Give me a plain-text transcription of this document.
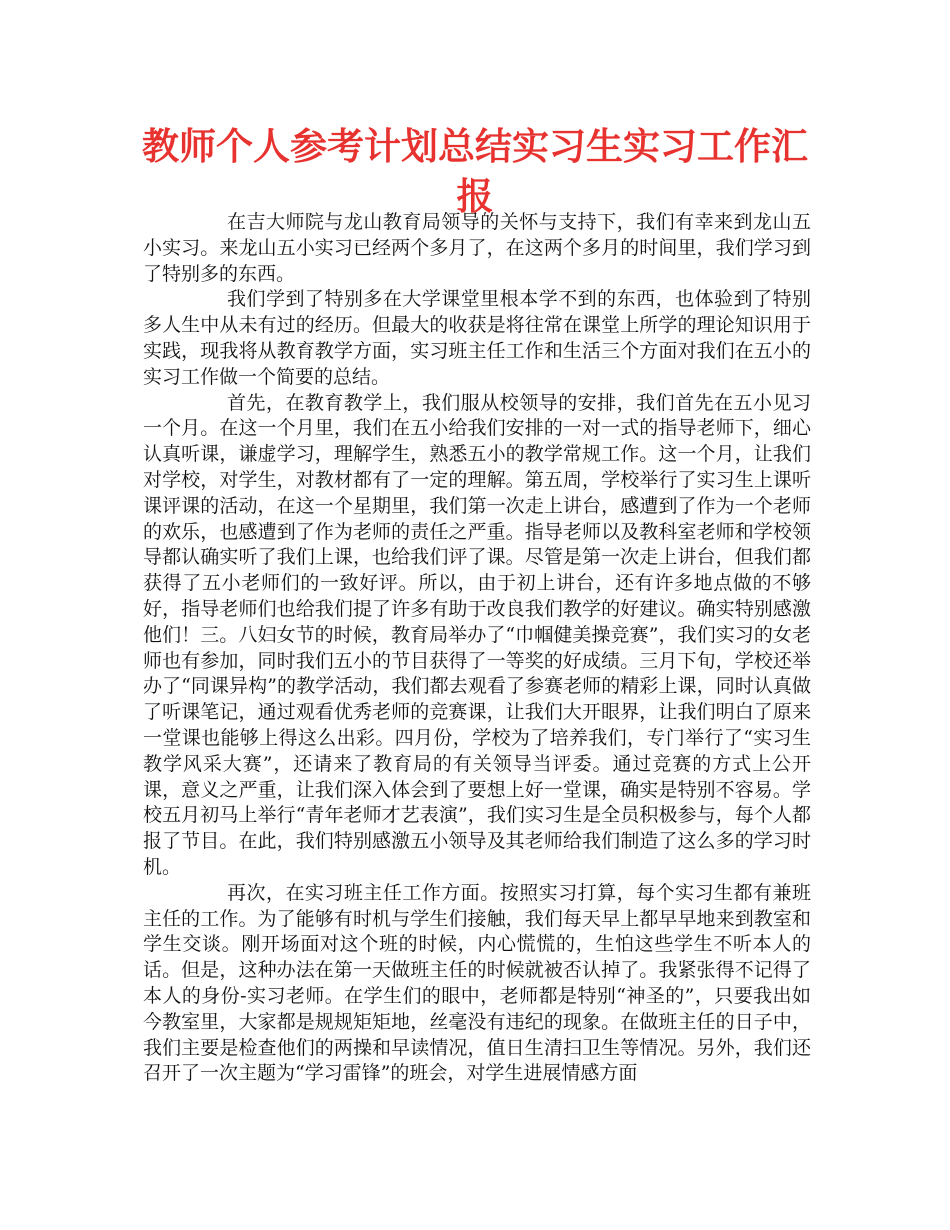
教师个人参考计划总结实习生实习工作汇报

在吉大师院与龙山教育局领导的关怀与支持下，我们有幸来到龙山五小实习。来龙山五小实习已经两个多月了，在这两个多月的时间里，我们学习到了特别多的东西。

我们学到了特别多在大学课堂里根本学不到的东西，也体验到了特别多人生中从未有过的经历。但最大的收获是将往常在课堂上所学的理论知识用于实践，现我将从教育教学方面，实习班主任工作和生活三个方面对我们在五小的实习工作做一个简要的总结。

首先，在教育教学上，我们服从校领导的安排，我们首先在五小见习一个月。在这一个月里，我们在五小给我们安排的一对一式的指导老师下，细心认真听课，谦虚学习，理解学生，熟悉五小的教学常规工作。这一个月，让我们对学校，对学生，对教材都有了一定的理解。第五周，学校举行了实习生上课听课评课的活动，在这一个星期里，我们第一次走上讲台，感遭到了作为一个老师的欢乐，也感遭到了作为老师的责任之严重。指导老师以及教科室老师和学校领导都认确实听了我们上课，也给我们评了课。尽管是第一次走上讲台，但我们都获得了五小老师们的一致好评。所以，由于初上讲台，还有许多地点做的不够好，指导老师们也给我们提了许多有助于改良我们教学的好建议。确实特别感激他们！三。八妇女节的时候，教育局举办了“巾帼健美操竞赛”，我们实习的女老师也有参加，同时我们五小的节目获得了一等奖的好成绩。三月下旬，学校还举办了“同课异构”的教学活动，我们都去观看了参赛老师的精彩上课，同时认真做了听课笔记，通过观看优秀老师的竞赛课，让我们大开眼界，让我们明白了原来一堂课也能够上得这么出彩。四月份，学校为了培养我们，专门举行了“实习生教学风采大赛”，还请来了教育局的有关领导当评委。通过竞赛的方式上公开课，意义之严重，让我们深入体会到了要想上好一堂课，确实是特别不容易。学校五月初马上举行“青年老师才艺表演”，我们实习生是全员积极参与，每个人都报了节目。在此，我们特别感激五小领导及其老师给我们制造了这么多的学习时机。

再次，在实习班主任工作方面。按照实习打算，每个实习生都有兼班主任的工作。为了能够有时机与学生们接触，我们每天早上都早早地来到教室和学生交谈。刚开场面对这个班的时候，内心慌慌的，生怕这些学生不听本人的话。但是，这种办法在第一天做班主任的时候就被否认掉了。我紧张得不记得了本人的身份-实习老师。在学生们的眼中，老师都是特别“神圣的”，只要我出如今教室里，大家都是规规矩矩地，丝毫没有违纪的现象。在做班主任的日子中，我们主要是检查他们的两操和早读情况，值日生清扫卫生等情况。另外，我们还召开了一次主题为“学习雷锋”的班会，对学生进展情感方面
